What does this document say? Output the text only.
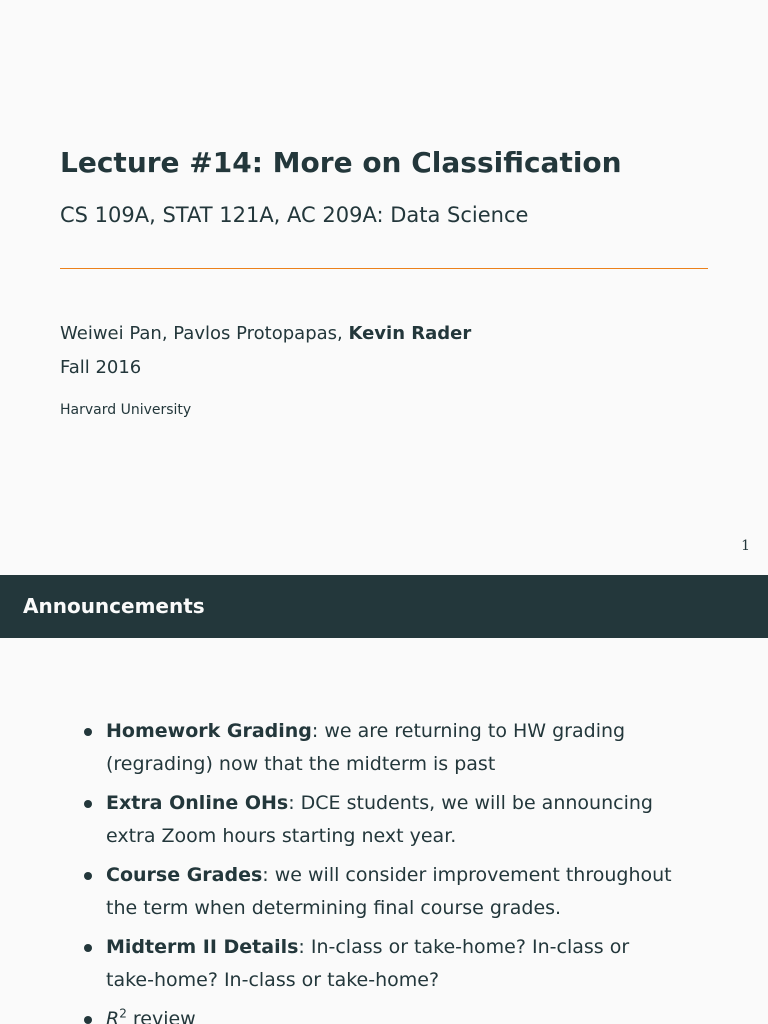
Lecture #14: More on Classification
CS 109A, STAT 121A, AC 209A: Data Science
Weiwei Pan, Pavlos Protopapas, Kevin Rader
Fall 2016
Harvard University
1
Announcements
Homework Grading: we are returning to HW grading
(regrading) now that the midterm is past
Extra Online OHs: DCE students, we will be announcing
extra Zoom hours starting next year.
Course Grades: we will consider improvement throughout
the term when determining final course grades.
Midterm II Details: In-class or take-home? In-class or
take-home? In-class or take-home?
$R^2$ review
